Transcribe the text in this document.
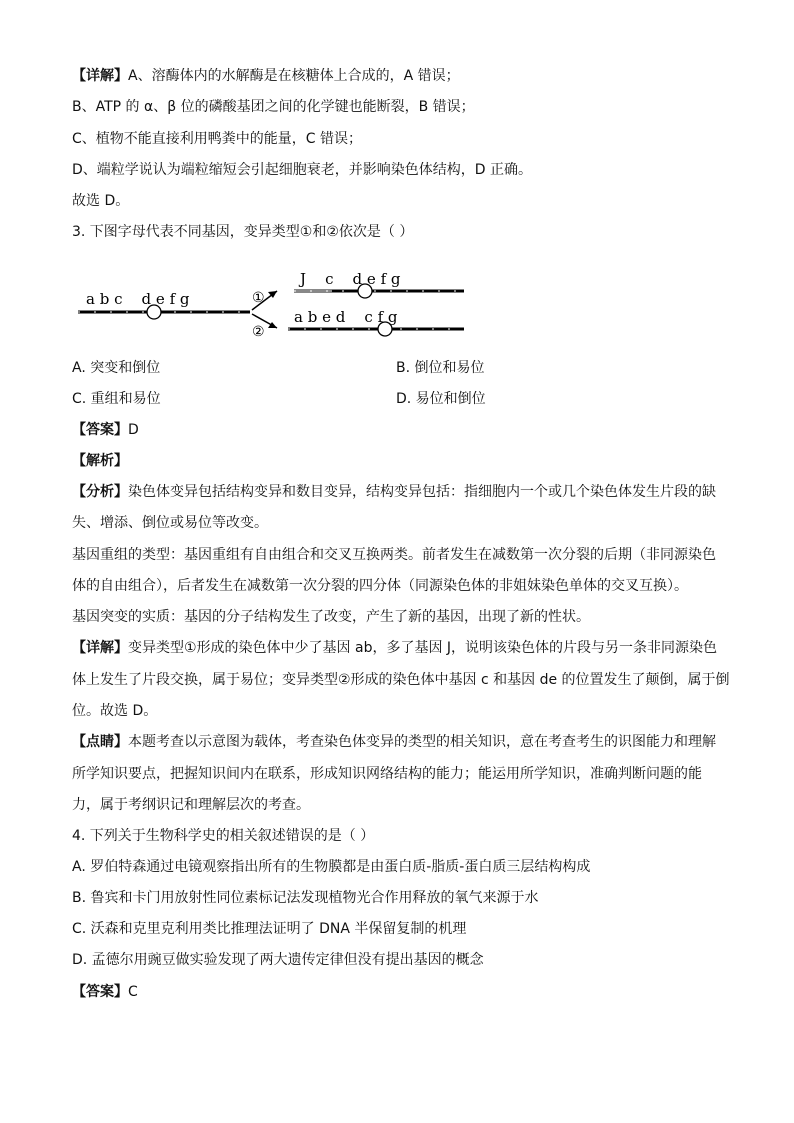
【详解】A、溶酶体内的水解酶是在核糖体上合成的，A 错误；
B、ATP 的 α、β 位的磷酸基团之间的化学键也能断裂，B 错误；
C、植物不能直接利用鸭粪中的能量，C 错误；
D、端粒学说认为端粒缩短会引起细胞衰老，并影响染色体结构，D 正确。
故选 D。
3. 下图字母代表不同基因，变异类型①和②依次是（ ）
a b c    d e f g	①
②
J    c    d e f g
a b e d    c f g
A. 突变和倒位	B. 倒位和易位
C. 重组和易位	D. 易位和倒位
【答案】D
【解析】
【分析】染色体变异包括结构变异和数目变异，结构变异包括：指细胞内一个或几个染色体发生片段的缺
失、增添、倒位或易位等改变。
基因重组的类型：基因重组有自由组合和交叉互换两类。前者发生在减数第一次分裂的后期（非同源染色
体的自由组合），后者发生在减数第一次分裂的四分体（同源染色体的非姐妹染色单体的交叉互换）。
基因突变的实质：基因的分子结构发生了改变，产生了新的基因，出现了新的性状。
【详解】变异类型①形成的染色体中少了基因 ab，多了基因 J，说明该染色体的片段与另一条非同源染色
体上发生了片段交换，属于易位；变异类型②形成的染色体中基因 c 和基因 de 的位置发生了颠倒，属于倒
位。故选 D。
【点睛】本题考查以示意图为载体，考查染色体变异的类型的相关知识，意在考查考生的识图能力和理解
所学知识要点，把握知识间内在联系，形成知识网络结构的能力；能运用所学知识，准确判断问题的能
力，属于考纲识记和理解层次的考查。
4. 下列关于生物科学史的相关叙述错误的是（ ）
A. 罗伯特森通过电镜观察指出所有的生物膜都是由蛋白质-脂质-蛋白质三层结构构成
B. 鲁宾和卡门用放射性同位素标记法发现植物光合作用释放的氧气来源于水
C. 沃森和克里克利用类比推理法证明了 DNA 半保留复制的机理
D. 孟德尔用豌豆做实验发现了两大遗传定律但没有提出基因的概念
【答案】C
